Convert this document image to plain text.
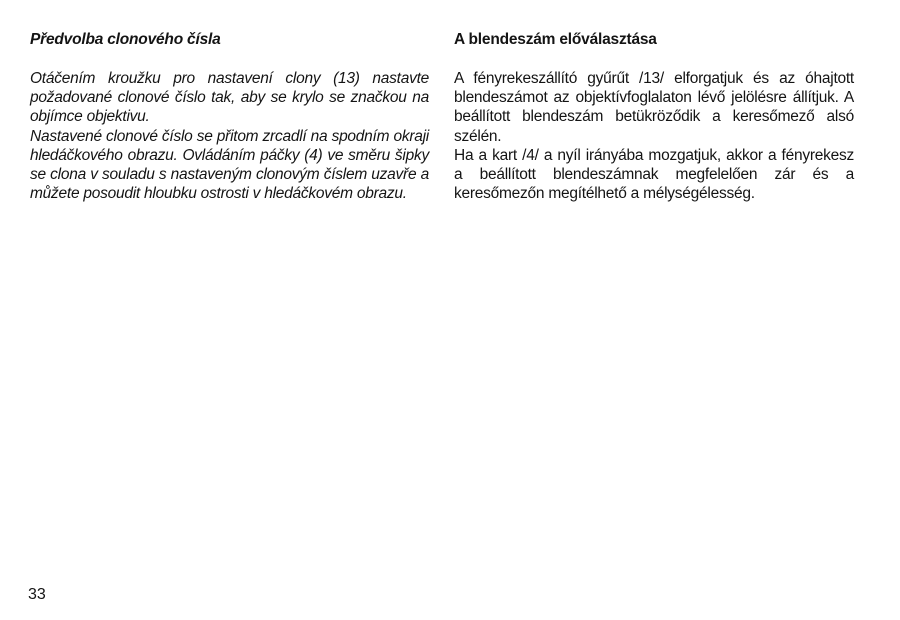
Předvolba clonového čísla

Otáčením kroužku pro nastavení clony (13) nastavte požadované clonové číslo tak, aby se krylo se značkou na objímce objektivu.
Nastavené clonové číslo se přitom zrcadlí na spodním okraji hledáčkového obrazu. Ovládáním páčky (4) ve směru šipky se clona v souladu s nastaveným clonovým číslem uzavře a můžete posoudit hloubku ostrosti v hledáčkovém obrazu.

A blendeszám előválasztása

A fényrekeszállító gyűrűt /13/ elforgatjuk és az óhajtott blendeszámot az objektívfoglalaton lévő jelölésre állítjuk. A beállított blendeszám betükröződik a keresőmező alsó szélén.
Ha a kart /4/ a nyíl irányába mozgatjuk, akkor a fényrekesz a beállított blendeszámnak megfelelően zár és a keresőmezőn megítélhető a mélységélesség.

33
